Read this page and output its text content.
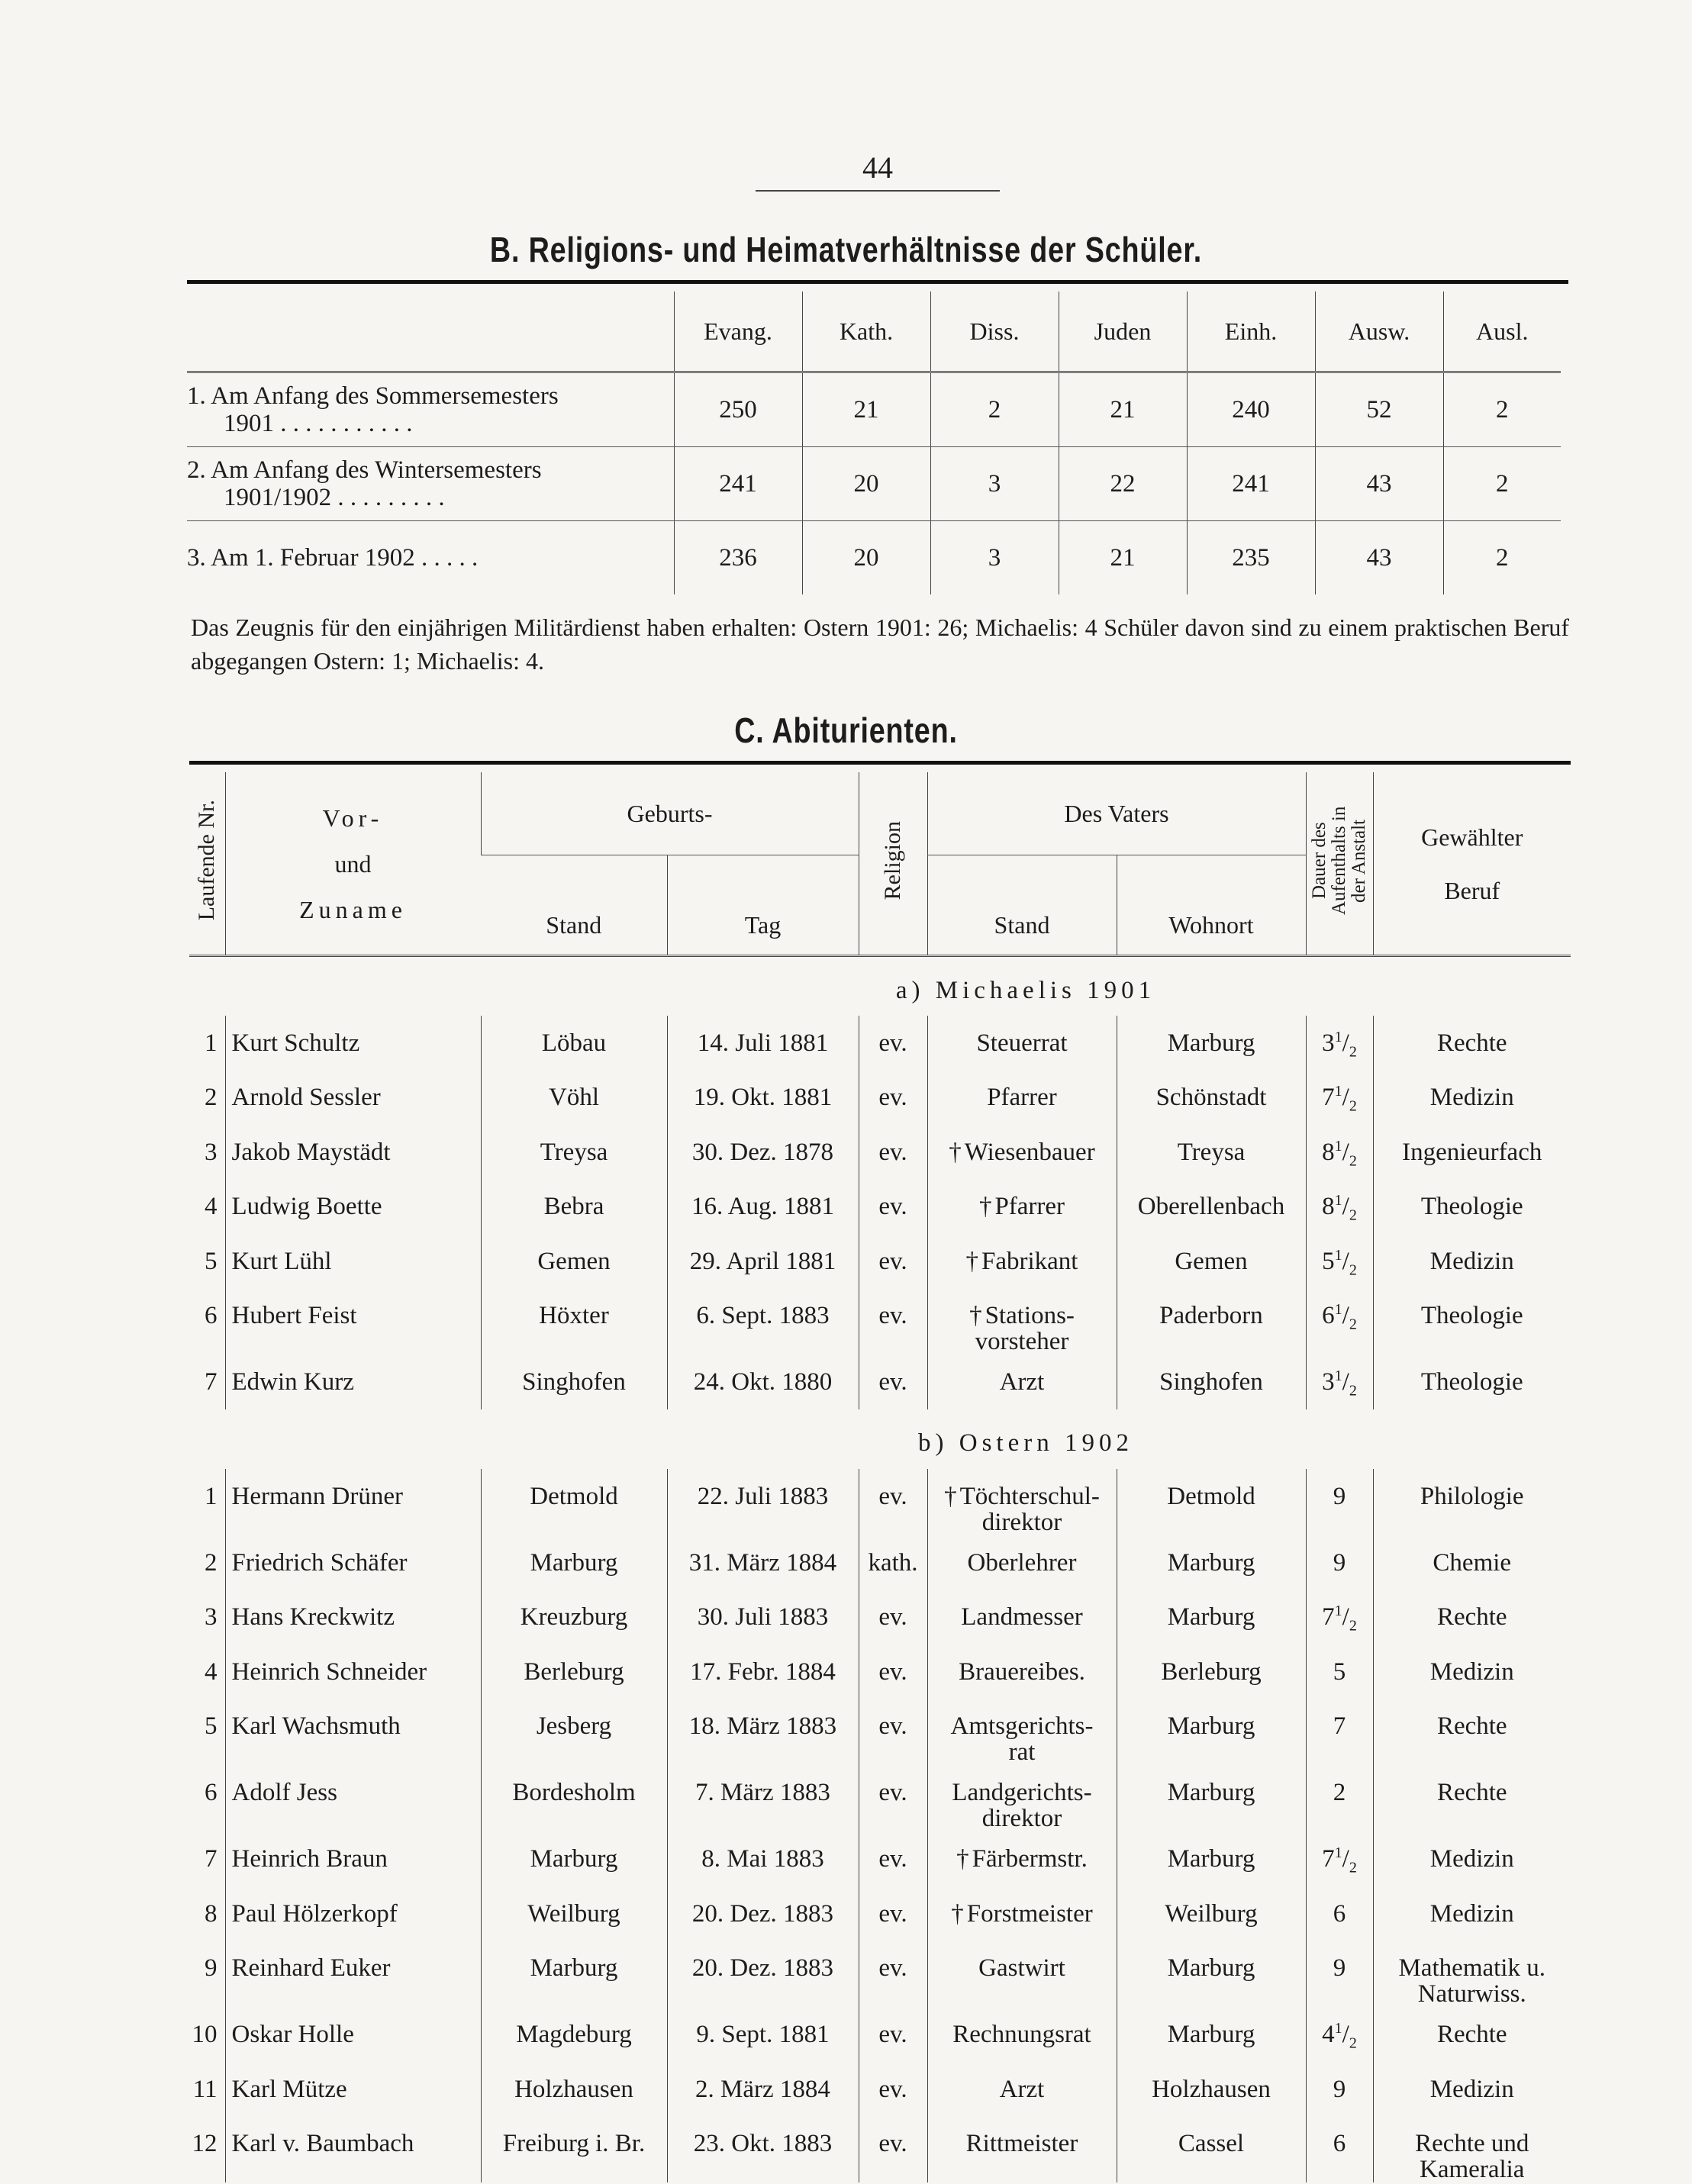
44
B. Religions- und Heimatverhältnisse der Schüler.
	Evang.	Kath.	Diss.	Juden	Einh.	Ausw.	Ausl.
1. Am Anfang des Sommersemesters
1901 . . . . . . . . . . .	250	21	2	21	240	52	2
2. Am Anfang des Wintersemesters
1901/1902 . . . . . . . . .	241	20	3	22	241	43	2
3. Am 1. Februar 1902 . . . . .	236	20	3	21	235	43	2
Das Zeugnis für den einjährigen Militärdienst haben erhalten: Ostern 1901: 26; Michaelis: 4 Schüler davon sind zu einem praktischen Beruf abgegangen Ostern: 1; Michaelis: 4.
C. Abiturienten.
Laufende Nr.	Vor-
und
Zuname	Geburts-		Religion	Des Vaters		Dauer des
Aufenthalts in
der Anstalt	Gewählter
Beruf
		Stand	Tag		Stand	Wohnort		
		a) Michaelis 1901						
1	Kurt Schultz	Löbau	14. Juli 1881	ev.	Steuerrat	Marburg	$3^1/_2$	Rechte
2	Arnold Sessler	Vöhl	19. Okt. 1881	ev.	Pfarrer	Schönstadt	$7^1/_2$	Medizin
3	Jakob Maystädt	Treysa	30. Dez. 1878	ev.	† Wiesenbauer	Treysa	$8^1/_2$	Ingenieurfach
4	Ludwig Boette	Bebra	16. Aug. 1881	ev.	† Pfarrer	Oberellenbach	$8^1/_2$	Theologie
5	Kurt Lühl	Gemen	29. April 1881	ev.	† Fabrikant	Gemen	$5^1/_2$	Medizin
6	Hubert Feist	Höxter	6. Sept. 1883	ev.	† Stations-
vorsteher	Paderborn	$6^1/_2$	Theologie
7	Edwin Kurz	Singhofen	24. Okt. 1880	ev.	Arzt	Singhofen	$3^1/_2$	Theologie
		b) Ostern 1902						
1	Hermann Drüner	Detmold	22. Juli 1883	ev.	† Töchterschul-
direktor	Detmold	9	Philologie
2	Friedrich Schäfer	Marburg	31. März 1884	kath.	Oberlehrer	Marburg	9	Chemie
3	Hans Kreckwitz	Kreuzburg	30. Juli 1883	ev.	Landmesser	Marburg	$7^1/_2$	Rechte
4	Heinrich Schneider	Berleburg	17. Febr. 1884	ev.	Brauereibes.	Berleburg	5	Medizin
5	Karl Wachsmuth	Jesberg	18. März 1883	ev.	Amtsgerichts-
rat	Marburg	7	Rechte
6	Adolf Jess	Bordesholm	7. März 1883	ev.	Landgerichts-
direktor	Marburg	2	Rechte
7	Heinrich Braun	Marburg	8. Mai 1883	ev.	† Färbermstr.	Marburg	$7^1/_2$	Medizin
8	Paul Hölzerkopf	Weilburg	20. Dez. 1883	ev.	† Forstmeister	Weilburg	6	Medizin
9	Reinhard Euker	Marburg	20. Dez. 1883	ev.	Gastwirt	Marburg	9	Mathematik u.
Naturwiss.
10	Oskar Holle	Magdeburg	9. Sept. 1881	ev.	Rechnungsrat	Marburg	$4^1/_2$	Rechte
11	Karl Mütze	Holzhausen	2. März 1884	ev.	Arzt	Holzhausen	9	Medizin
12	Karl v. Baumbach	Freiburg i. Br.	23. Okt. 1883	ev.	Rittmeister	Cassel	6	Rechte und
Kameralia
